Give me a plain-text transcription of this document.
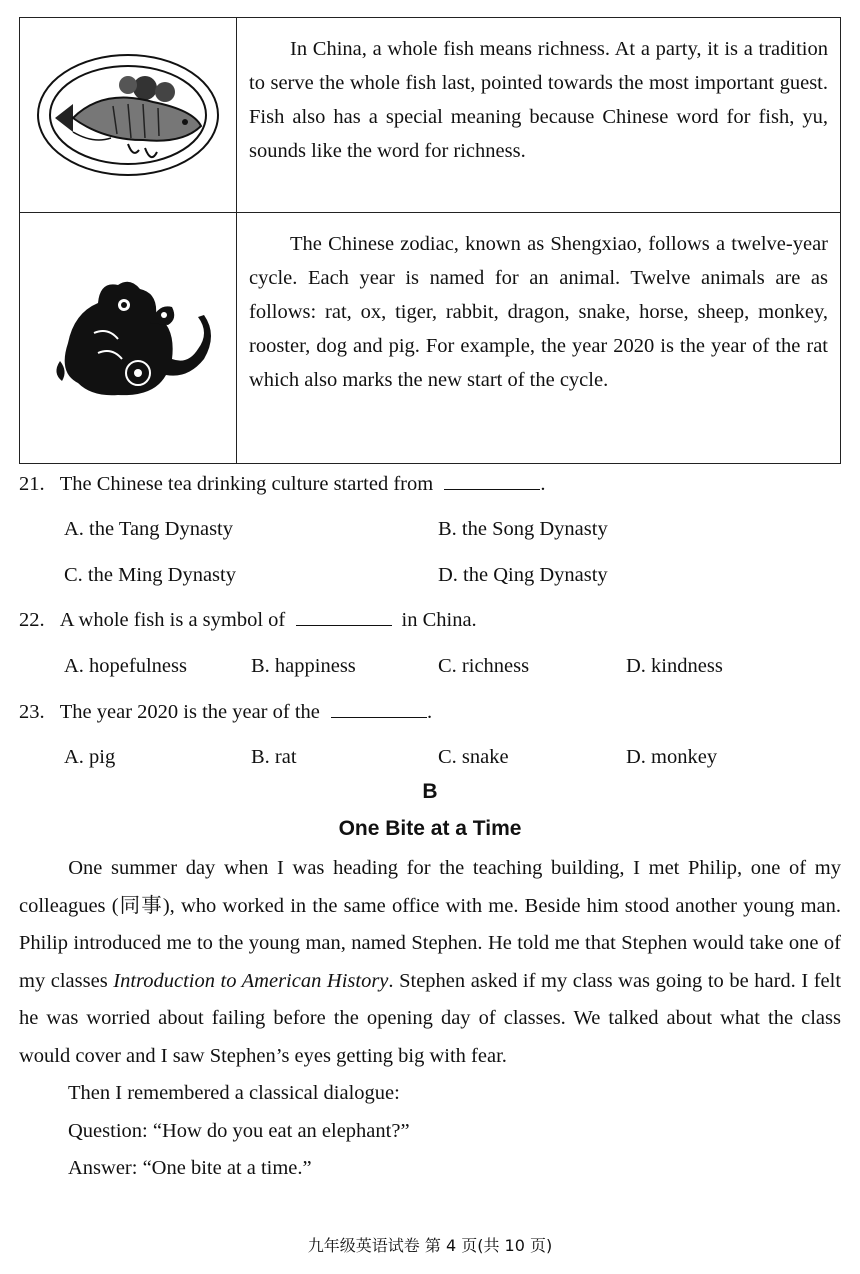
In China, a whole fish means richness. At a party, it is a tradition to serve the whole fish last, pointed towards the most important guest. Fish also has a special meaning because Chinese word for fish, yu, sounds like the word for richness.
The Chinese zodiac, known as Shengxiao, follows a twelve-year cycle. Each year is named for an animal. Twelve animals are as follows: rat, ox, tiger, rabbit, dragon, snake, horse, sheep, monkey, rooster, dog and pig. For example, the year 2020 is the year of the rat which also marks the new start of the cycle.
21. The Chinese tea drinking culture started from	.
A. the Tang Dynasty	B. the Song Dynasty
C. the Ming Dynasty	D. the Qing Dynasty
22. A whole fish is a symbol of	in China.
A. hopefulness	B. happiness	C. richness	D. kindness
23. The year 2020 is the year of the	.
A. pig	B. rat	C. snake	D. monkey
B
One Bite at a Time
One summer day when I was heading for the teaching building, I met Philip, one of my colleagues (同事), who worked in the same office with me. Beside him stood another young man. Philip introduced me to the young man, named Stephen. He told me that Stephen would take one of my classes Introduction to American History. Stephen asked if my class was going to be hard. I felt he was worried about failing before the opening day of classes. We talked about what the class would cover and I saw Stephen’s eyes getting big with fear.
Then I remembered a classical dialogue:
Question: “How do you eat an elephant?”
Answer: “One bite at a time.”
九年级英语试卷 第 4 页(共 10 页)
